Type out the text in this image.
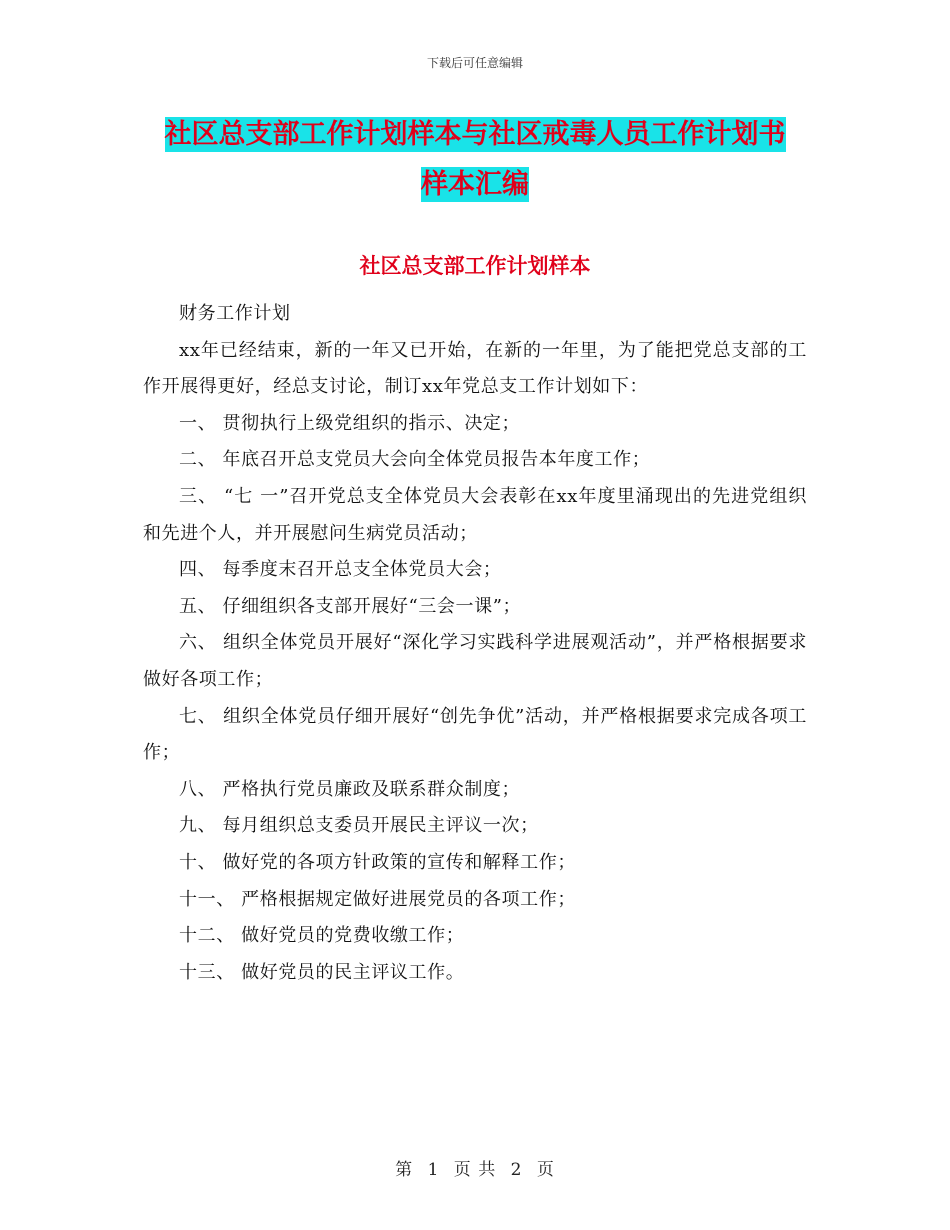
下载后可任意编辑
社区总支部工作计划样本与社区戒毒人员工作计划书
样本汇编
社区总支部工作计划样本

财务工作计划

xx年已经结束，新的一年又已开始，在新的一年里，为了能把党总支部的工作开展得更好，经总支讨论，制订xx年党总支工作计划如下：

一、 贯彻执行上级党组织的指示、决定；

二、 年底召开总支党员大会向全体党员报告本年度工作；

三、 “七 一”召开党总支全体党员大会表彰在xx年度里涌现出的先进党组织和先进个人，并开展慰问生病党员活动；

四、 每季度末召开总支全体党员大会；

五、 仔细组织各支部开展好“三会一课”；

六、 组织全体党员开展好“深化学习实践科学进展观活动”，并严格根据要求做好各项工作；

七、 组织全体党员仔细开展好“创先争优”活动，并严格根据要求完成各项工作；

八、 严格执行党员廉政及联系群众制度；

九、 每月组织总支委员开展民主评议一次；

十、 做好党的各项方针政策的宣传和解释工作；

十一、 严格根据规定做好进展党员的各项工作；

十二、 做好党员的党费收缴工作；

十三、 做好党员的民主评议工作。

第 1 页 共 2 页
